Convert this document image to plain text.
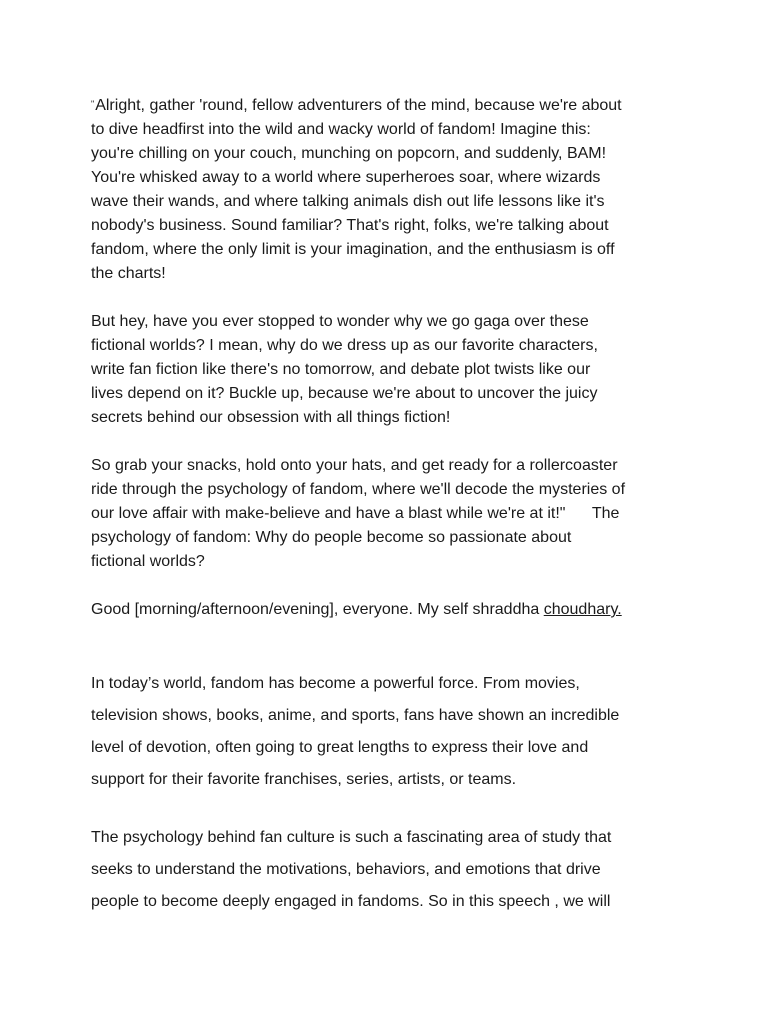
"Alright, gather 'round, fellow adventurers of the mind, because we're about
to dive headfirst into the wild and wacky world of fandom! Imagine this:
you're chilling on your couch, munching on popcorn, and suddenly, BAM!
You're whisked away to a world where superheroes soar, where wizards
wave their wands, and where talking animals dish out life lessons like it's
nobody's business. Sound familiar? That's right, folks, we're talking about
fandom, where the only limit is your imagination, and the enthusiasm is off
the charts!

But hey, have you ever stopped to wonder why we go gaga over these
fictional worlds? I mean, why do we dress up as our favorite characters,
write fan fiction like there's no tomorrow, and debate plot twists like our
lives depend on it? Buckle up, because we're about to uncover the juicy
secrets behind our obsession with all things fiction!

So grab your snacks, hold onto your hats, and get ready for a rollercoaster
ride through the psychology of fandom, where we'll decode the mysteries of
our love affair with make-believe and have a blast while we're at it!"      The
psychology of fandom: Why do people become so passionate about
fictional worlds?

Good [morning/afternoon/evening], everyone. My self shraddha choudhary.

In today’s world, fandom has become a powerful force. From movies,
television shows, books, anime, and sports, fans have shown an incredible
level of devotion, often going to great lengths to express their love and
support for their favorite franchises, series, artists, or teams.

The psychology behind fan culture is such a fascinating area of study that
seeks to understand the motivations, behaviors, and emotions that drive
people to become deeply engaged in fandoms. So in this speech , we will
